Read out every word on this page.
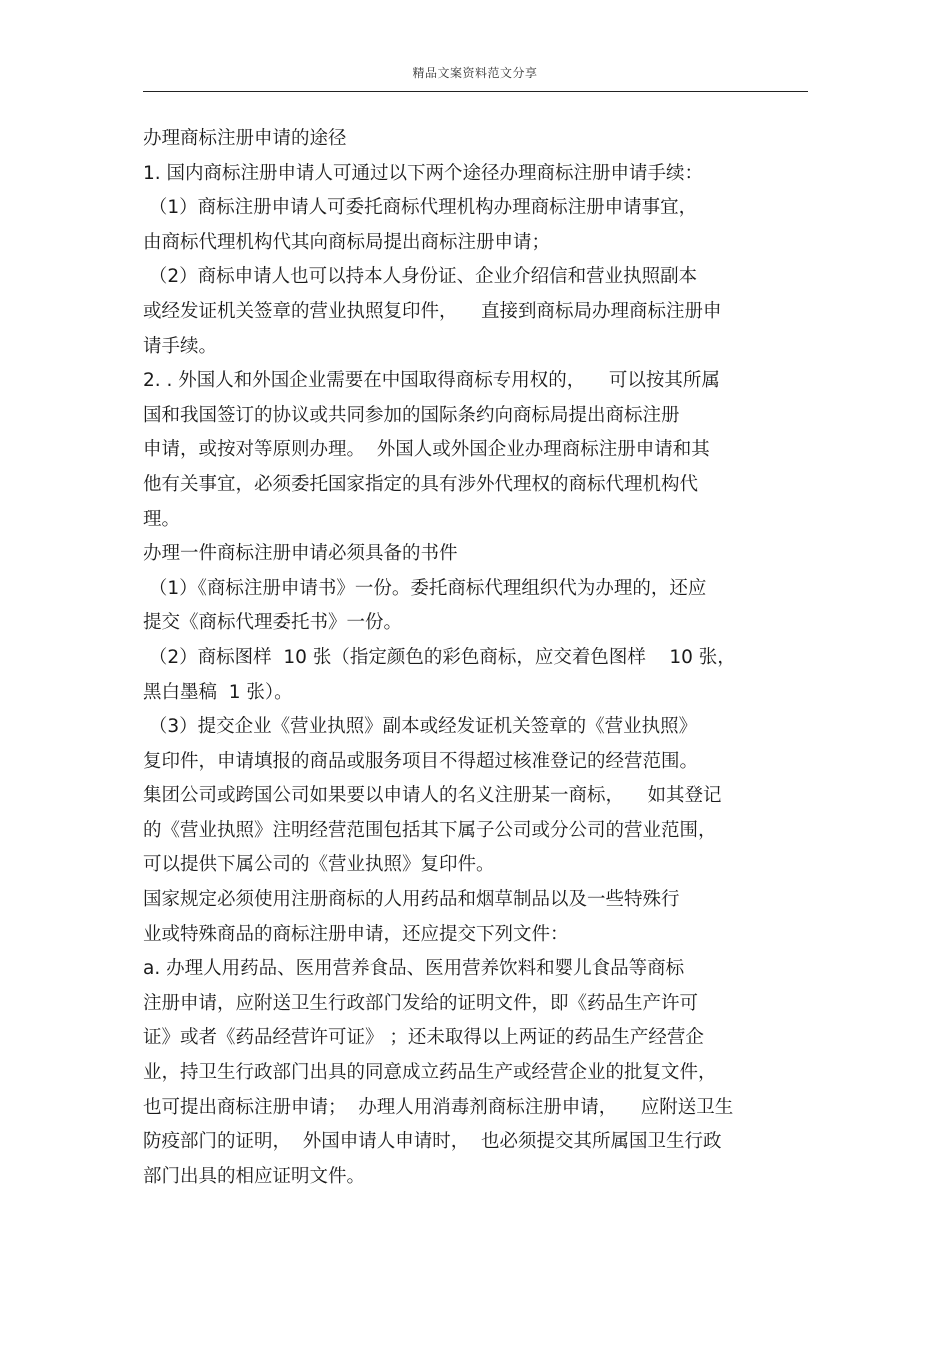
精品文案资料范文分享
办理商标注册申请的途径
1. 国内商标注册申请人可通过以下两个途径办理商标注册申请手续：
（1）商标注册申请人可委托商标代理机构办理商标注册申请事宜，
由商标代理机构代其向商标局提出商标注册申请；
（2）商标申请人也可以持本人身份证、企业介绍信和营业执照副本
或经发证机关签章的营业执照复印件，    直接到商标局办理商标注册申
请手续。
2. . 外国人和外国企业需要在中国取得商标专用权的，    可以按其所属
国和我国签订的协议或共同参加的国际条约向商标局提出商标注册
申请，或按对等原则办理。  外国人或外国企业办理商标注册申请和其
他有关事宜，必须委托国家指定的具有涉外代理权的商标代理机构代
理。
办理一件商标注册申请必须具备的书件
（1）《商标注册申请书》一份。委托商标代理组织代为办理的，还应
提交《商标代理委托书》一份。
（2）商标图样  10 张（指定颜色的彩色商标，应交着色图样    10 张，
黑白墨稿  1 张）。
（3）提交企业《营业执照》副本或经发证机关签章的《营业执照》
复印件，申请填报的商品或服务项目不得超过核准登记的经营范围。
集团公司或跨国公司如果要以申请人的名义注册某一商标，    如其登记
的《营业执照》注明经营范围包括其下属子公司或分公司的营业范围，
可以提供下属公司的《营业执照》复印件。
国家规定必须使用注册商标的人用药品和烟草制品以及一些特殊行
业或特殊商品的商标注册申请，还应提交下列文件：
a. 办理人用药品、医用营养食品、医用营养饮料和婴儿食品等商标
注册申请，应附送卫生行政部门发给的证明文件，即《药品生产许可
证》或者《药品经营许可证》 ；还未取得以上两证的药品生产经营企
业，持卫生行政部门出具的同意成立药品生产或经营企业的批复文件，
也可提出商标注册申请；  办理人用消毒剂商标注册申请，    应附送卫生
防疫部门的证明，  外国申请人申请时，  也必须提交其所属国卫生行政
部门出具的相应证明文件。
